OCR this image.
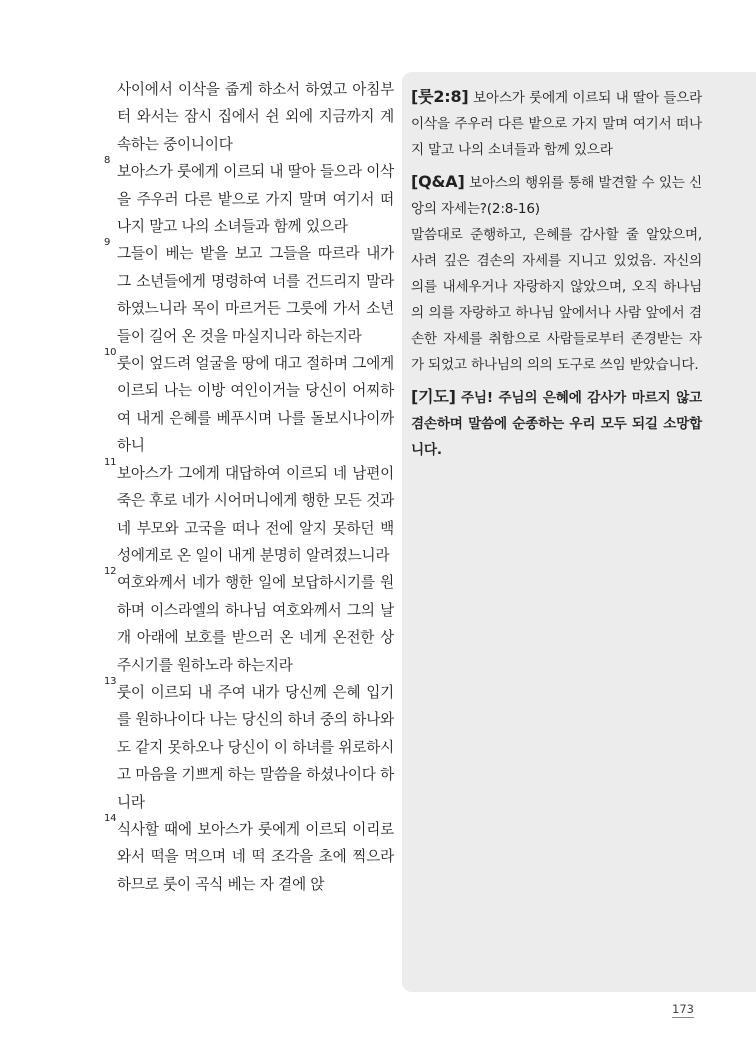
사이에서 이삭을 줍게 하소서 하였고 아침부터 와서는 잠시 집에서 쉰 외에 지금까지 계속하는 중이니이다

8
보아스가 룻에게 이르되 내 딸아 들으라 이삭을 주우러 다른 밭으로 가지 말며 여기서 떠나지 말고 나의 소녀들과 함께 있으라

9
그들이 베는 밭을 보고 그들을 따르라 내가 그 소년들에게 명령하여 너를 건드리지 말라 하였느니라 목이 마르거든 그릇에 가서 소년들이 길어 온 것을 마실지니라 하는지라

10
룻이 엎드려 얼굴을 땅에 대고 절하며 그에게 이르되 나는 이방 여인이거늘 당신이 어찌하여 내게 은혜를 베푸시며 나를 돌보시나이까 하니

11
보아스가 그에게 대답하여 이르되 네 남편이 죽은 후로 네가 시어머니에게 행한 모든 것과 네 부모와 고국을 떠나 전에 알지 못하던 백성에게로 온 일이 내게 분명히 알려졌느니라

12
여호와께서 네가 행한 일에 보답하시기를 원하며 이스라엘의 하나님 여호와께서 그의 날개 아래에 보호를 받으러 온 네게 온전한 상 주시기를 원하노라 하는지라

13
룻이 이르되 내 주여 내가 당신께 은혜 입기를 원하나이다 나는 당신의 하녀 중의 하나와도 같지 못하오나 당신이 이 하녀를 위로하시고 마음을 기쁘게 하는 말씀을 하셨나이다 하니라

14
식사할 때에 보아스가 룻에게 이르되 이리로 와서 떡을 먹으며 네 떡 조각을 초에 찍으라 하므로 룻이 곡식 베는 자 곁에 앉

[룻2:8] 보아스가 룻에게 이르되 내 딸아 들으라 이삭을 주우러 다른 밭으로 가지 말며 여기서 떠나지 말고 나의 소녀들과 함께 있으라

[Q&A] 보아스의 행위를 통해 발견할 수 있는 신앙의 자세는?(2:8-16)
말씀대로 준행하고, 은혜를 감사할 줄 알았으며, 사려 깊은 겸손의 자세를 지니고 있었음. 자신의 의를 내세우거나 자랑하지 않았으며, 오직 하나님의 의를 자랑하고 하나님 앞에서나 사람 앞에서 겸손한 자세를 취함으로 사람들로부터 존경받는 자가 되었고 하나님의 의의 도구로 쓰임 받았습니다.

[기도] 주님! 주님의 은혜에 감사가 마르지 않고 겸손하며 말씀에 순종하는 우리 모두 되길 소망합니다.

173
